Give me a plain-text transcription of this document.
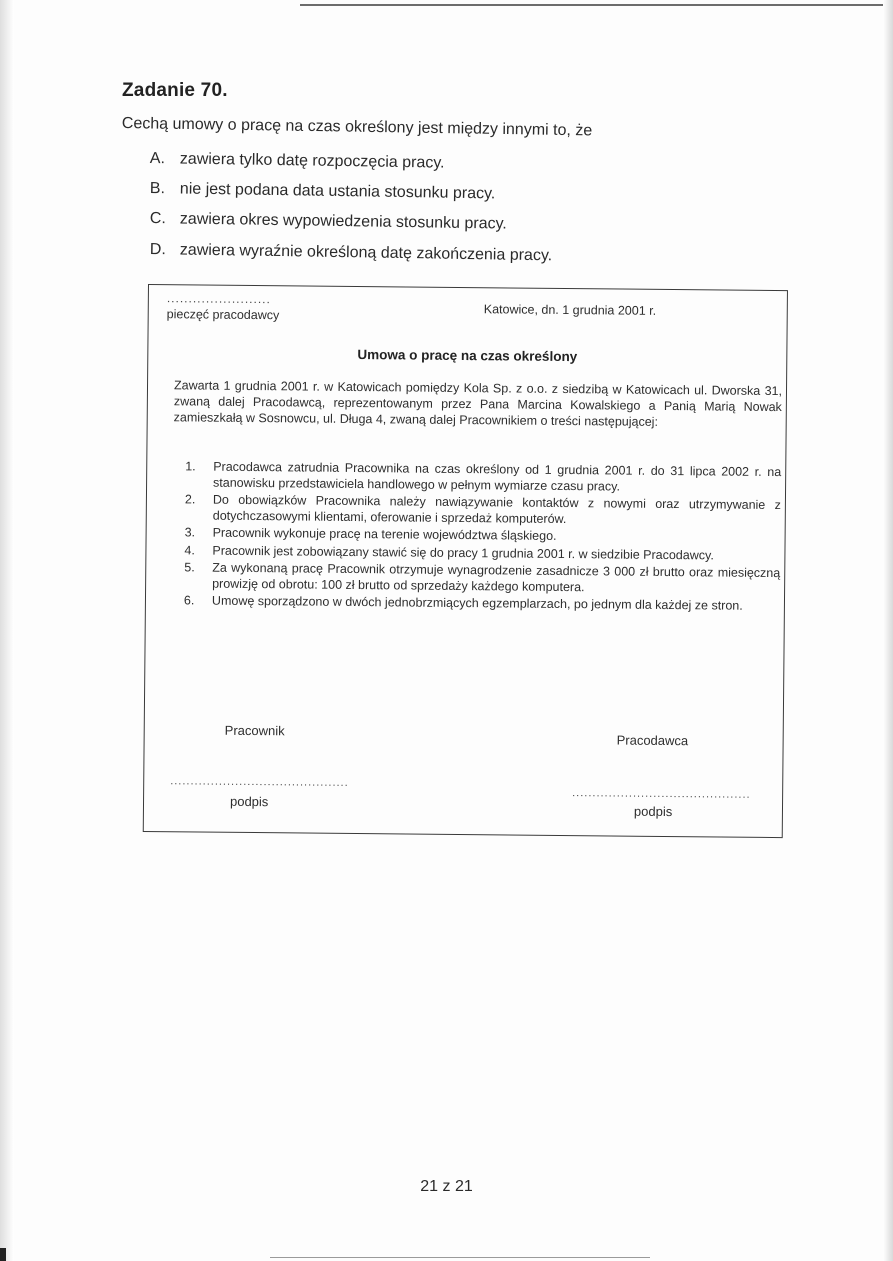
Zadanie 70.
Cechą umowy o pracę na czas określony jest między innymi to, że
A. zawiera tylko datę rozpoczęcia pracy.
B. nie jest podana data ustania stosunku pracy.
C. zawiera okres wypowiedzenia stosunku pracy.
D. zawiera wyraźnie określoną datę zakończenia pracy.
........................
pieczęć pracodawcy	Katowice, dn. 1 grudnia 2001 r.
Umowa o pracę na czas określony
Zawarta 1 grudnia 2001 r. w Katowicach pomiędzy Kola Sp. z o.o. z siedzibą w Katowicach ul. Dworska 31, zwaną dalej Pracodawcą, reprezentowanym przez Pana Marcina Kowalskiego a Panią Marią Nowak zamieszkałą w Sosnowcu, ul. Długa 4, zwaną dalej Pracownikiem o treści następującej:
1. Pracodawca zatrudnia Pracownika na czas określony od 1 grudnia 2001 r. do 31 lipca 2002 r. na stanowisku przedstawiciela handlowego w pełnym wymiarze czasu pracy.
2. Do obowiązków Pracownika należy nawiązywanie kontaktów z nowymi oraz utrzymywanie z dotychczasowymi klientami, oferowanie i sprzedaż komputerów.
3. Pracownik wykonuje pracę na terenie województwa śląskiego.
4. Pracownik jest zobowiązany stawić się do pracy 1 grudnia 2001 r. w siedzibie Pracodawcy.
5. Za wykonaną pracę Pracownik otrzymuje wynagrodzenie zasadnicze 3 000 zł brutto oraz miesięczną prowizję od obrotu: 100 zł brutto od sprzedaży każdego komputera.
6. Umowę sporządzono w dwóch jednobrzmiących egzemplarzach, po jednym dla każdej ze stron.
Pracownik
Pracodawca
............................................
............................................
podpis
podpis
21 z 21
